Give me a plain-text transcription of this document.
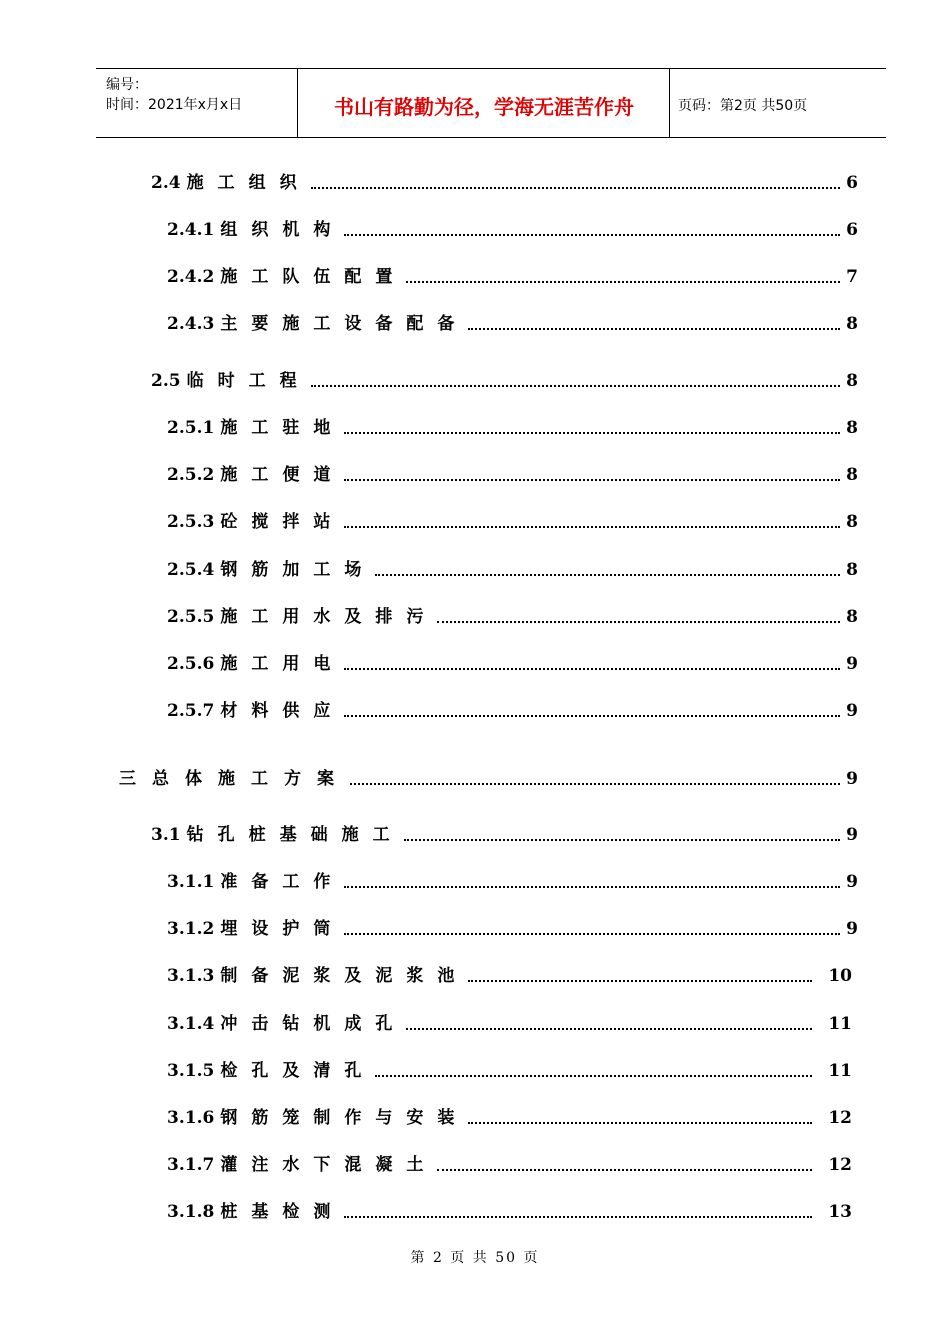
编号：
时间：2021年x月x日	书山有路勤为径，学海无涯苦作舟	页码：第2页 共50页
2.4 施工组织	6
2.4.1 组织机构	6
2.4.2 施工队伍配置	7
2.4.3 主要施工设备配备	8
2.5 临时工程	8
2.5.1 施工驻地	8
2.5.2 施工便道	8
2.5.3 砼搅拌站	8
2.5.4 钢筋加工场	8
2.5.5 施工用水及排污	8
2.5.6 施工用电	9
2.5.7 材料供应	9
三 总体施工方案	9
3.1 钻孔桩基础施工	9
3.1.1 准备工作	9
3.1.2 埋设护筒	9
3.1.3 制备泥浆及泥浆池	10
3.1.4 冲击钻机成孔	11
3.1.5 检孔及清孔	11
3.1.6 钢筋笼制作与安装	12
3.1.7 灌注水下混凝土	12
3.1.8 桩基检测	13
第 2 页 共 50 页
